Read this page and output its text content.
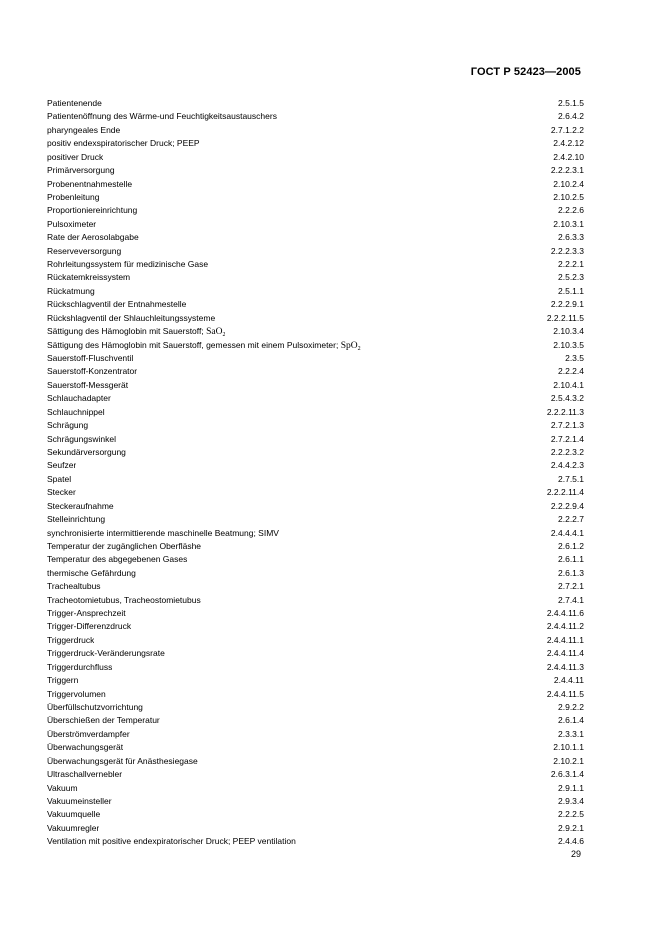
ГОСТ Р 52423—2005
Patientenende	2.5.1.5
Patientenöffnung des Wärme-und Feuchtigkeitsaustauschers	2.6.4.2
pharyngeales Ende	2.7.1.2.2
positiv endexspiratorischer Druck; PEEP	2.4.2.12
positiver Druck	2.4.2.10
Primärversorgung	2.2.2.3.1
Probenentnahmestelle	2.10.2.4
Probenleitung	2.10.2.5
Proportioniereinrichtung	2.2.2.6
Pulsoximeter	2.10.3.1
Rate der Aerosolabgabe	2.6.3.3
Reserveversorgung	2.2.2.3.3
Rohrleitungssystem für medizinische Gase	2.2.2.1
Rückatemkreissystem	2.5.2.3
Rückatmung	2.5.1.1
Rückschlagventil der Entnahmestelle	2.2.2.9.1
Rückshlagventil der Shlauchleitungssysteme	2.2.2.11.5
Sättigung des Hämoglobin mit Sauerstoff; SaO$_2$	2.10.3.4
Sättigung des Hämoglobin mit Sauerstoff, gemessen mit einem Pulsoximeter; SpO$_2$	2.10.3.5
Sauerstoff-Fluschventil	2.3.5
Sauerstoff-Konzentrator	2.2.2.4
Sauerstoff-Messgerät	2.10.4.1
Schlauchadapter	2.5.4.3.2
Schlauchnippel	2.2.2.11.3
Schrägung	2.7.2.1.3
Schrägungswinkel	2.7.2.1.4
Sekundärversorgung	2.2.2.3.2
Seufzer	2.4.4.2.3
Spatel	2.7.5.1
Stecker	2.2.2.11.4
Steckeraufnahme	2.2.2.9.4
Stelleinrichtung	2.2.2.7
synchronisierte intermittierende maschinelle Beatmung; SIMV	2.4.4.4.1
Temperatur der zugänglichen Oberfläshe	2.6.1.2
Temperatur des abgegebenen Gases	2.6.1.1
thermische Gefährdung	2.6.1.3
Trachealtubus	2.7.2.1
Tracheotomietubus, Tracheostomietubus	2.7.4.1
Trigger-Ansprechzeit	2.4.4.11.6
Trigger-Differenzdruck	2.4.4.11.2
Triggerdruck	2.4.4.11.1
Triggerdruck-Veränderungsrate	2.4.4.11.4
Triggerdurchfluss	2.4.4.11.3
Triggern	2.4.4.11
Triggervolumen	2.4.4.11.5
Überfüllschutzvorrichtung	2.9.2.2
Überschießen der Temperatur	2.6.1.4
Überströmverdampfer	2.3.3.1
Überwachungsgerät	2.10.1.1
Überwachungsgerät für Anästhesiegase	2.10.2.1
Ultraschallvernebler	2.6.3.1.4
Vakuum	2.9.1.1
Vakuumeinsteller	2.9.3.4
Vakuumquelle	2.2.2.5
Vakuumregler	2.9.2.1
Ventilation mit positive endexpiratorischer Druck; PEEP ventilation	2.4.4.6
29
